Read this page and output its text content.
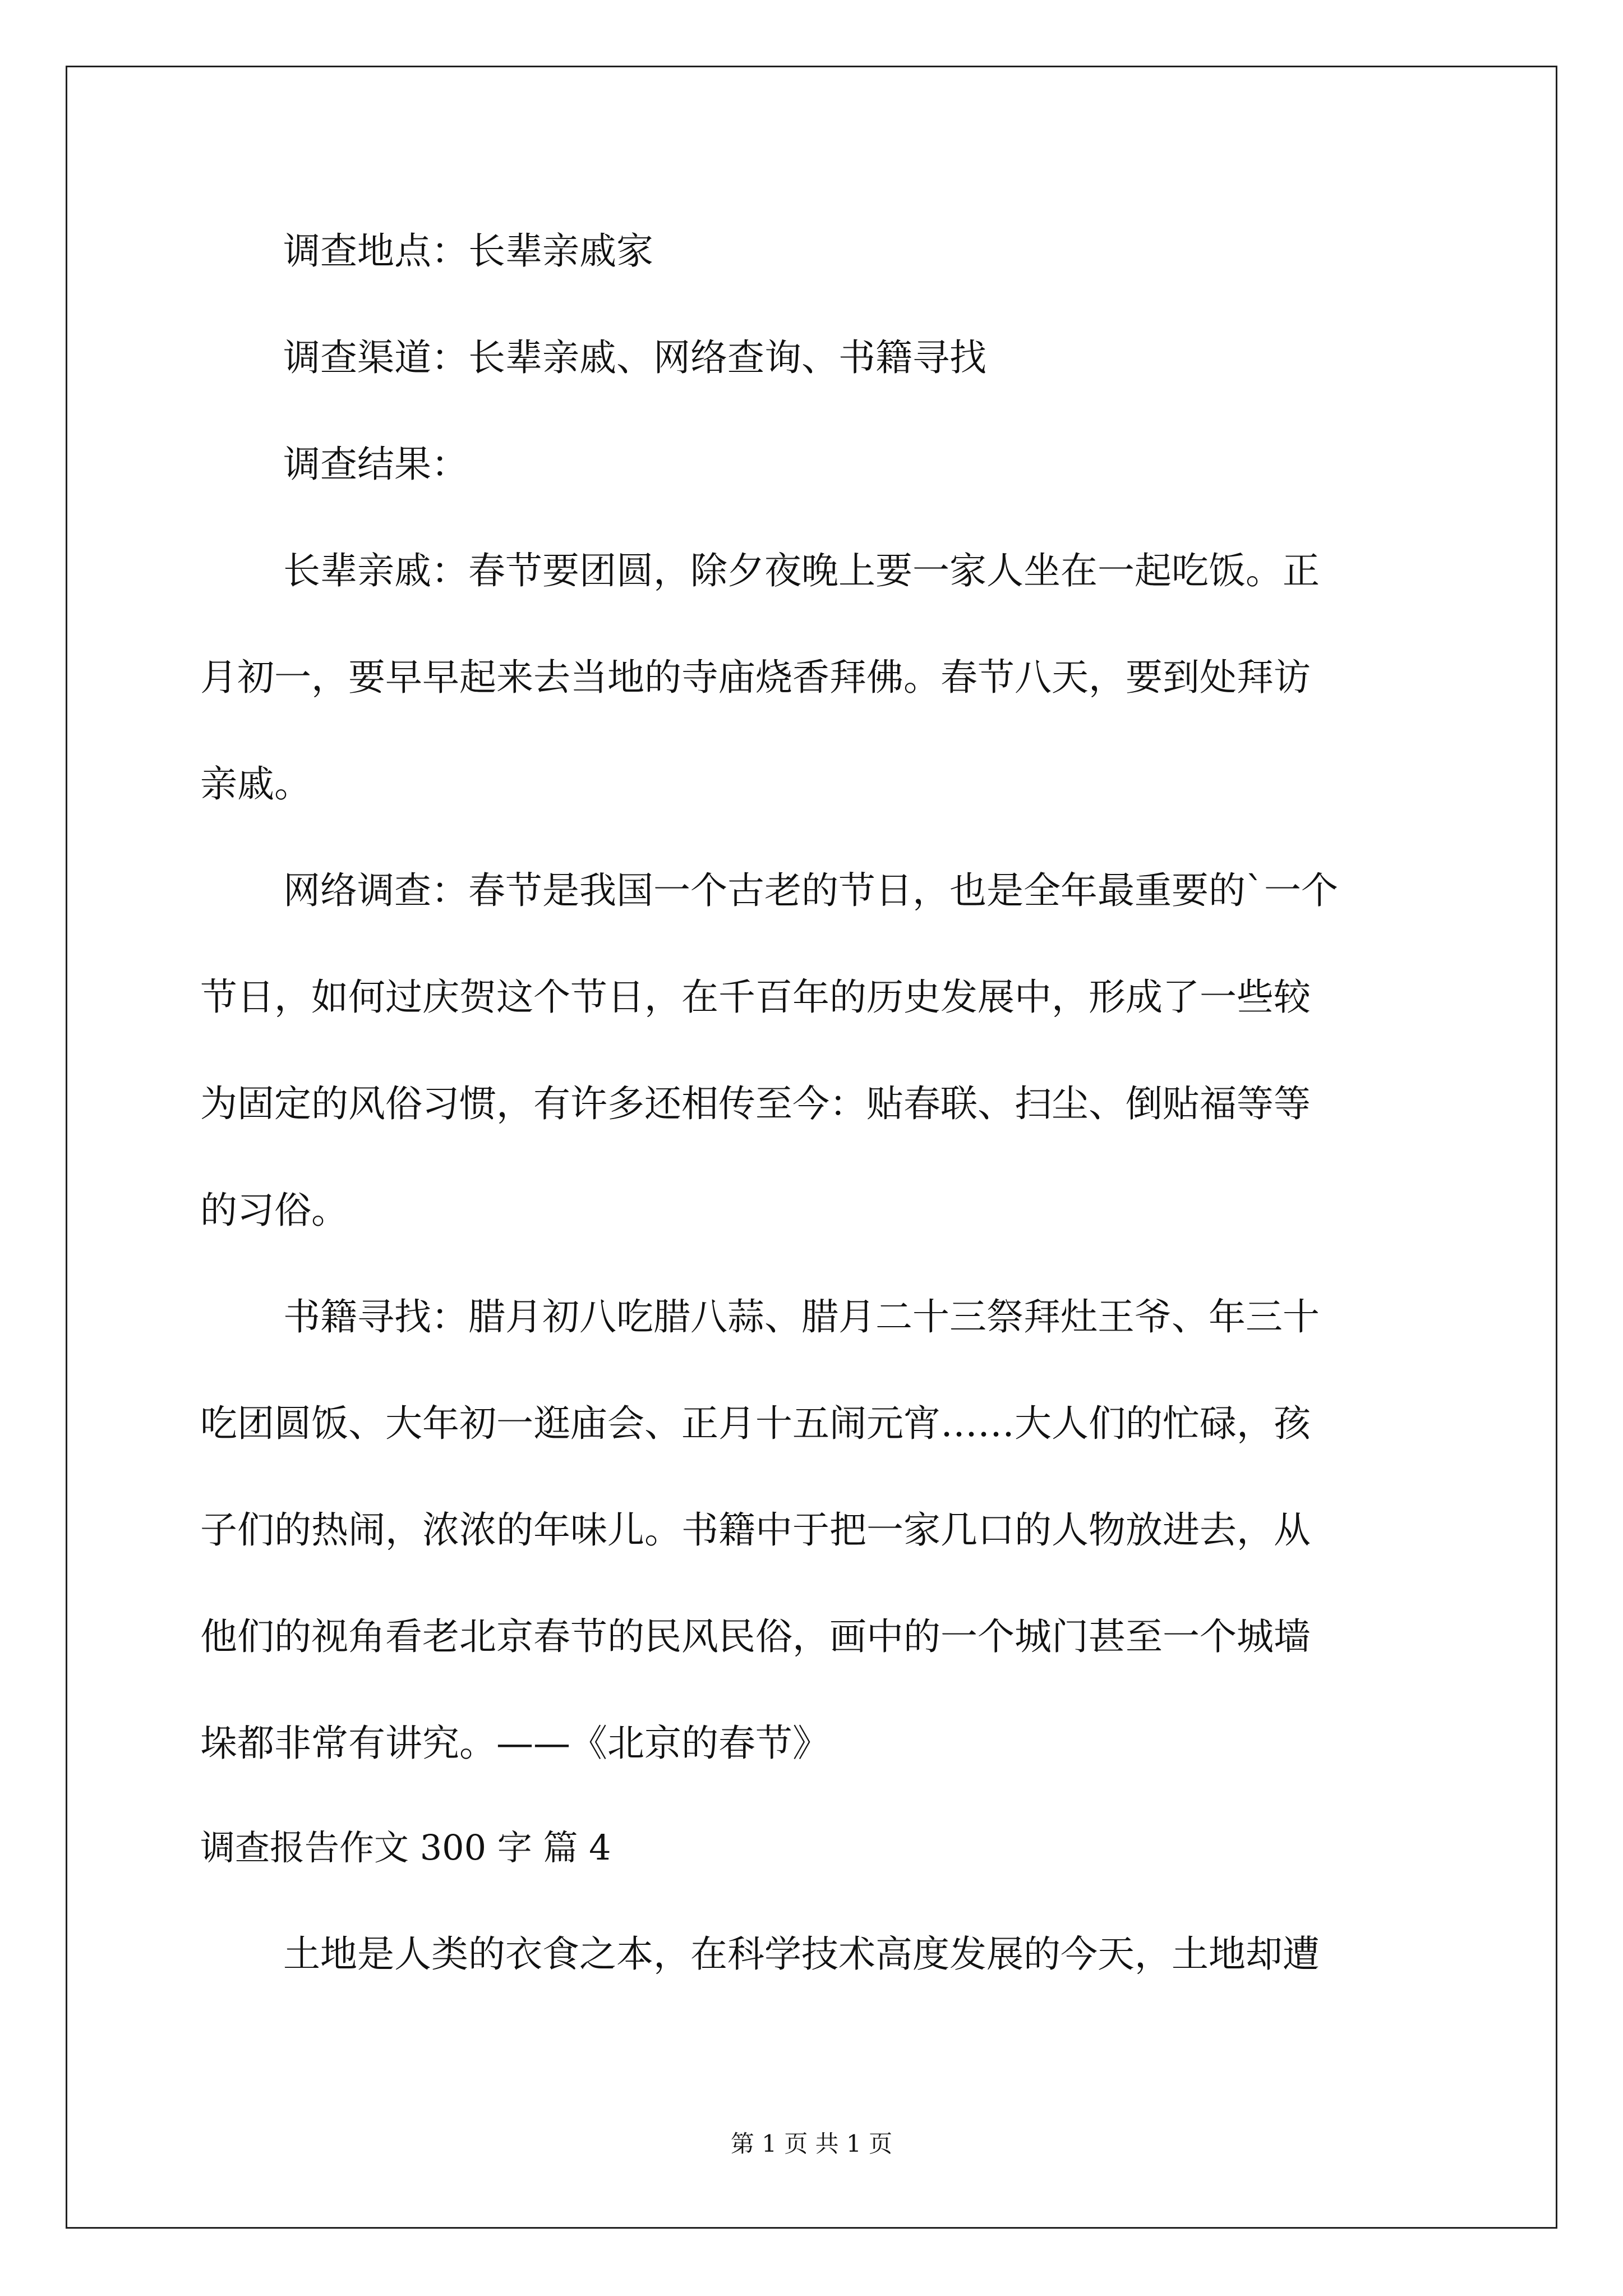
调查地点：长辈亲戚家
调查渠道：长辈亲戚、网络查询、书籍寻找
调查结果：
长辈亲戚：春节要团圆，除夕夜晚上要一家人坐在一起吃饭。正
月初一，要早早起来去当地的寺庙烧香拜佛。春节八天，要到处拜访
亲戚。
网络调查：春节是我国一个古老的节日，也是全年最重要的`一个
节日，如何过庆贺这个节日，在千百年的历史发展中，形成了一些较
为固定的风俗习惯，有许多还相传至今：贴春联、扫尘、倒贴福等等
的习俗。
书籍寻找：腊月初八吃腊八蒜、腊月二十三祭拜灶王爷、年三十
吃团圆饭、大年初一逛庙会、正月十五闹元宵……大人们的忙碌，孩
子们的热闹，浓浓的年味儿。书籍中于把一家几口的人物放进去，从
他们的视角看老北京春节的民风民俗，画中的一个城门甚至一个城墙
垛都非常有讲究。——《北京的春节》
调查报告作文 300 字 篇 4
土地是人类的衣食之本，在科学技术高度发展的今天，土地却遭
第 1 页 共 1 页
